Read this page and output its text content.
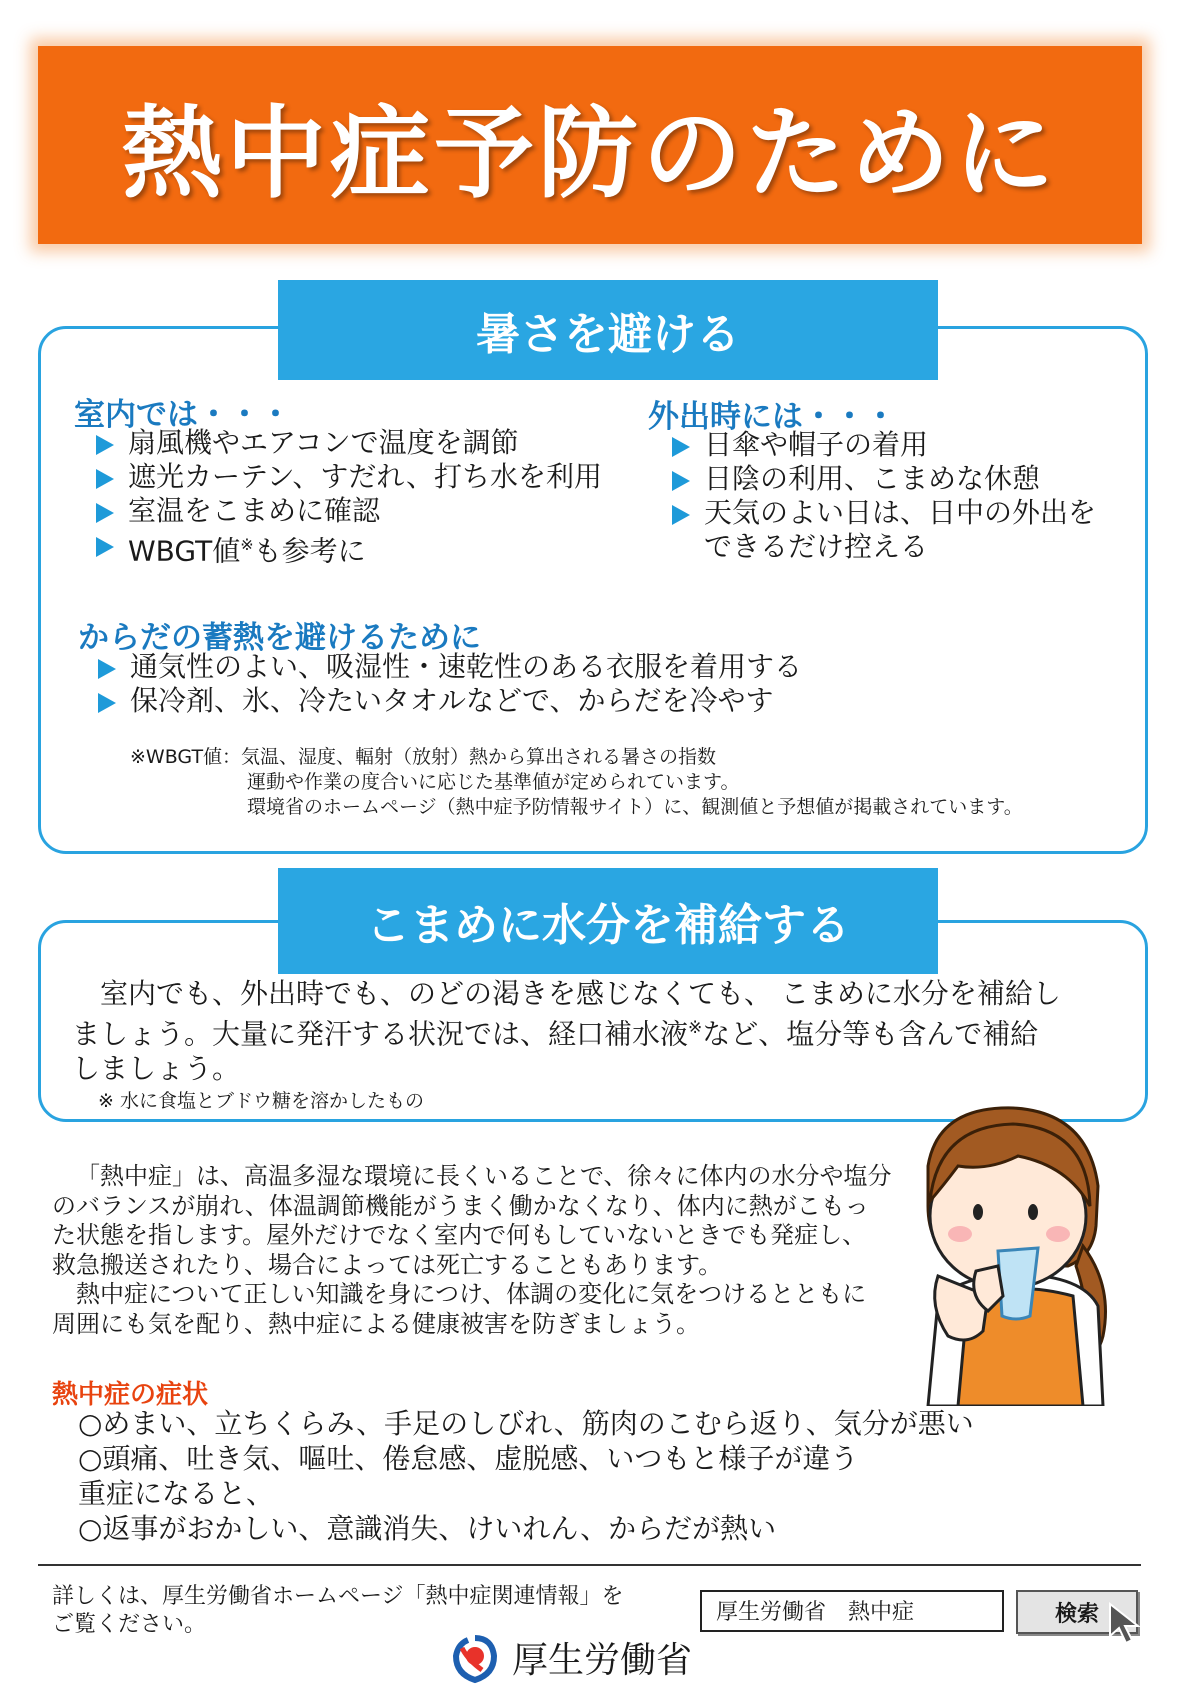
熱中症予防のために
暑さを避ける
室内では・・・
扇風機やエアコンで温度を調節
遮光カーテン、すだれ、打ち水を利用
室温をこまめに確認
WBGT値※も参考に
外出時には・・・
日傘や帽子の着用
日陰の利用、こまめな休憩
天気のよい日は、日中の外出を
できるだけ控える
からだの蓄熱を避けるために
通気性のよい、吸湿性・速乾性のある衣服を着用する
保冷剤、氷、冷たいタオルなどで、からだを冷やす
※WBGT値：気温、湿度、輻射（放射）熱から算出される暑さの指数
運動や作業の度合いに応じた基準値が定められています。
環境省のホームページ（熱中症予防情報サイト）に、観測値と予想値が掲載されています。
こまめに水分を補給する
室内でも、外出時でも、のどの渇きを感じなくても、 こまめに水分を補給し
ましょう。大量に発汗する状況では、経口補水液※など、塩分等も含んで補給
しましょう。
※ 水に食塩とブドウ糖を溶かしたもの
「熱中症」は、高温多湿な環境に長くいることで、徐々に体内の水分や塩分
のバランスが崩れ、体温調節機能がうまく働かなくなり、体内に熱がこもっ
た状態を指します。屋外だけでなく室内で何もしていないときでも発症し、
救急搬送されたり、場合によっては死亡することもあります。
熱中症について正しい知識を身につけ、体調の変化に気をつけるとともに
周囲にも気を配り、熱中症による健康被害を防ぎましょう。
熱中症の症状
○めまい、立ちくらみ、手足のしびれ、筋肉のこむら返り、気分が悪い
○頭痛、吐き気、嘔吐、倦怠感、虚脱感、いつもと様子が違う
重症になると、
○返事がおかしい、意識消失、けいれん、からだが熱い
詳しくは、厚生労働省ホームページ「熱中症関連情報」を
ご覧ください。	厚生労働省　熱中症	検索
厚生労働省
